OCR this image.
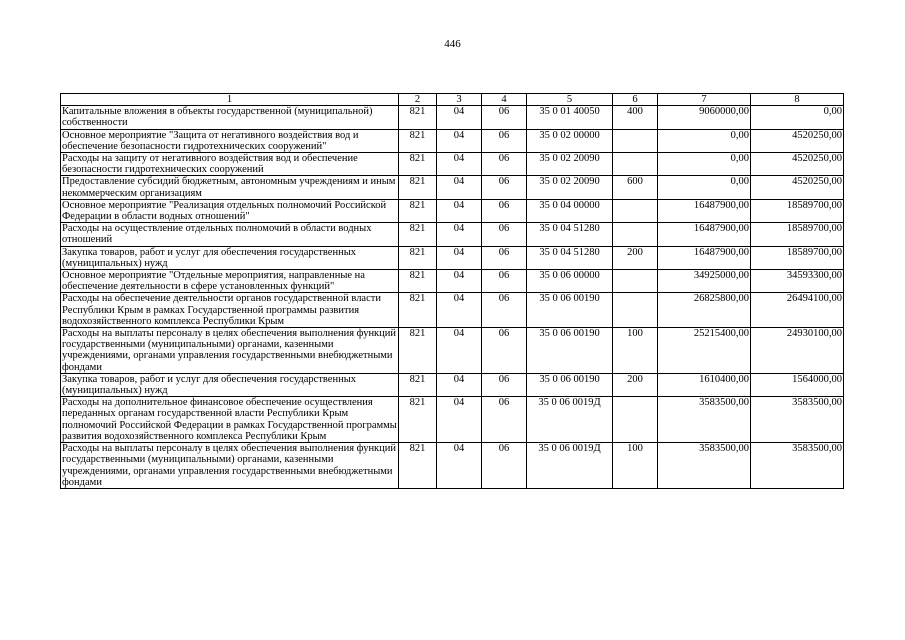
446
1	2	3	4	5	6	7	8
Капитальные вложения в объекты государственной (муниципальной) собственности	821	04	06	35 0 01 40050	400	9060000,00	0,00
Основное мероприятие "Защита от негативного воздействия вод и обеспечение безопасности гидротехнических сооружений"	821	04	06	35 0 02 00000		0,00	4520250,00
Расходы на защиту от негативного воздействия вод и обеспечение безопасности гидротехнических сооружений	821	04	06	35 0 02 20090		0,00	4520250,00
Предоставление субсидий бюджетным, автономным учреждениям и иным некоммерческим организациям	821	04	06	35 0 02 20090	600	0,00	4520250,00
Основное мероприятие "Реализация отдельных полномочий Российской Федерации в области водных отношений"	821	04	06	35 0 04 00000		16487900,00	18589700,00
Расходы на осуществление отдельных полномочий в области водных отношений	821	04	06	35 0 04 51280		16487900,00	18589700,00
Закупка товаров, работ и услуг для обеспечения государственных (муниципальных) нужд	821	04	06	35 0 04 51280	200	16487900,00	18589700,00
Основное мероприятие "Отдельные мероприятия, направленные на обеспечение деятельности в сфере установленных функций"	821	04	06	35 0 06 00000		34925000,00	34593300,00
Расходы на обеспечение деятельности органов государственной власти Республики Крым в рамках Государственной программы развития водохозяйственного комплекса Республики Крым	821	04	06	35 0 06 00190		26825800,00	26494100,00
Расходы на выплаты персоналу в целях обеспечения выполнения функций государственными (муниципальными) органами, казенными учреждениями, органами управления государственными внебюджетными фондами	821	04	06	35 0 06 00190	100	25215400,00	24930100,00
Закупка товаров, работ и услуг для обеспечения государственных (муниципальных) нужд	821	04	06	35 0 06 00190	200	1610400,00	1564000,00
Расходы на дополнительное финансовое обеспечение осуществления переданных органам государственной власти Республики Крым полномочий Российской Федерации в рамках Государственной программы развития водохозяйственного комплекса Республики Крым	821	04	06	35 0 06 0019Д		3583500,00	3583500,00
Расходы на выплаты персоналу в целях обеспечения выполнения функций государственными (муниципальными) органами, казенными учреждениями, органами управления государственными внебюджетными фондами	821	04	06	35 0 06 0019Д	100	3583500,00	3583500,00
